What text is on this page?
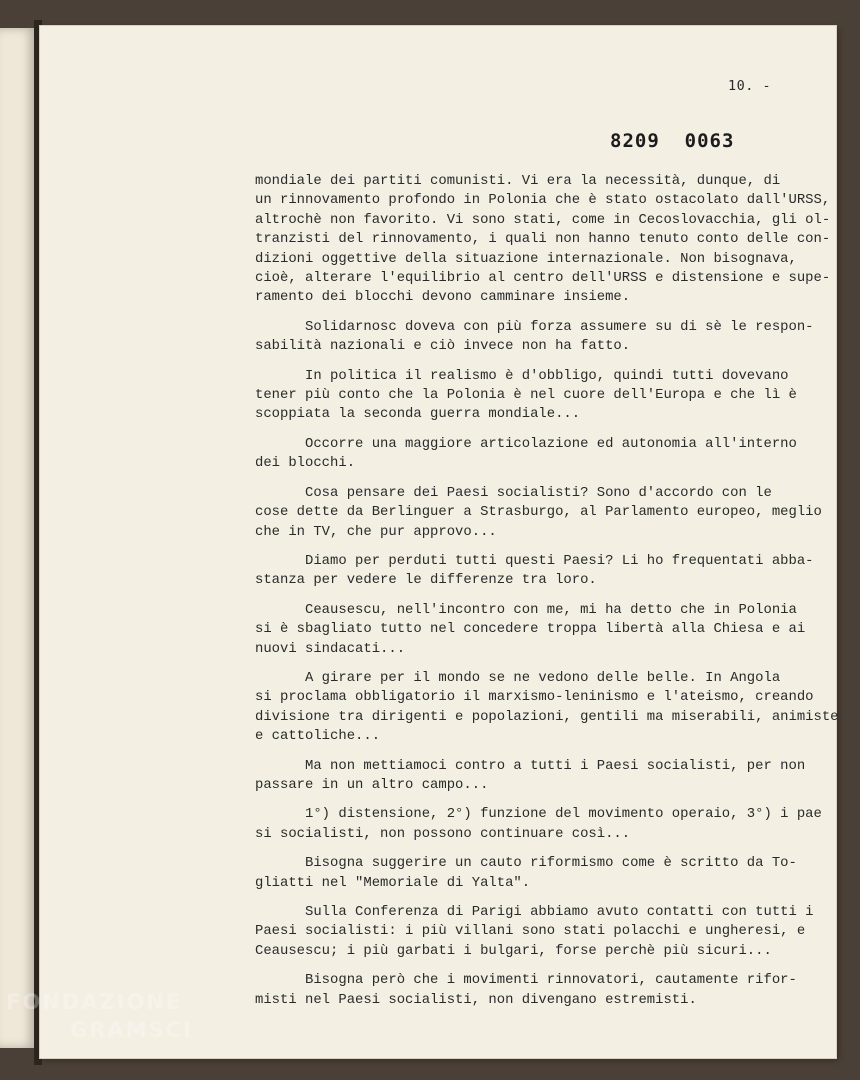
10. -
8209 0063
mondiale dei partiti comunisti. Vi era la necessità, dunque, di
un rinnovamento profondo in Polonia che è stato ostacolato dall'URSS,
altrochè non favorito. Vi sono stati, come in Cecoslovacchia, gli ol-
tranzisti del rinnovamento, i quali non hanno tenuto conto delle con-
dizioni oggettive della situazione internazionale. Non bisognava,
cioè, alterare l'equilibrio al centro dell'URSS e distensione e supe-
ramento dei blocchi devono camminare insieme.
Solidarnosc doveva con più forza assumere su di sè le respon-
sabilità nazionali e ciò invece non ha fatto.
In politica il realismo è d'obbligo, quindi tutti dovevano
tener più conto che la Polonia è nel cuore dell'Europa e che lì è
scoppiata la seconda guerra mondiale...
Occorre una maggiore articolazione ed autonomia all'interno
dei blocchi.
Cosa pensare dei Paesi socialisti? Sono d'accordo con le
cose dette da Berlinguer a Strasburgo, al Parlamento europeo, meglio
che in TV, che pur approvo...
Diamo per perduti tutti questi Paesi? Li ho frequentati abba-
stanza per vedere le differenze tra loro.
Ceausescu, nell'incontro con me, mi ha detto che in Polonia
si è sbagliato tutto nel concedere troppa libertà alla Chiesa e ai
nuovi sindacati...
A girare per il mondo se ne vedono delle belle. In Angola
si proclama obbligatorio il marxismo-leninismo e l'ateismo, creando
divisione tra dirigenti e popolazioni, gentili ma miserabili, animiste
e cattoliche...
Ma non mettiamoci contro a tutti i Paesi socialisti, per non
passare in un altro campo...
1°) distensione, 2°) funzione del movimento operaio, 3°) i pae
si socialisti, non possono continuare così...
Bisogna suggerire un cauto riformismo come è scritto da To-
gliatti nel "Memoriale di Yalta".
Sulla Conferenza di Parigi abbiamo avuto contatti con tutti i
Paesi socialisti: i più villani sono stati polacchi e ungheresi, e
Ceausescu; i più garbati i bulgari, forse perchè più sicuri...
Bisogna però che i movimenti rinnovatori, cautamente rifor-
misti nel Paesi socialisti, non divengano estremisti.
FONDAZIONE
GRAMSCI
